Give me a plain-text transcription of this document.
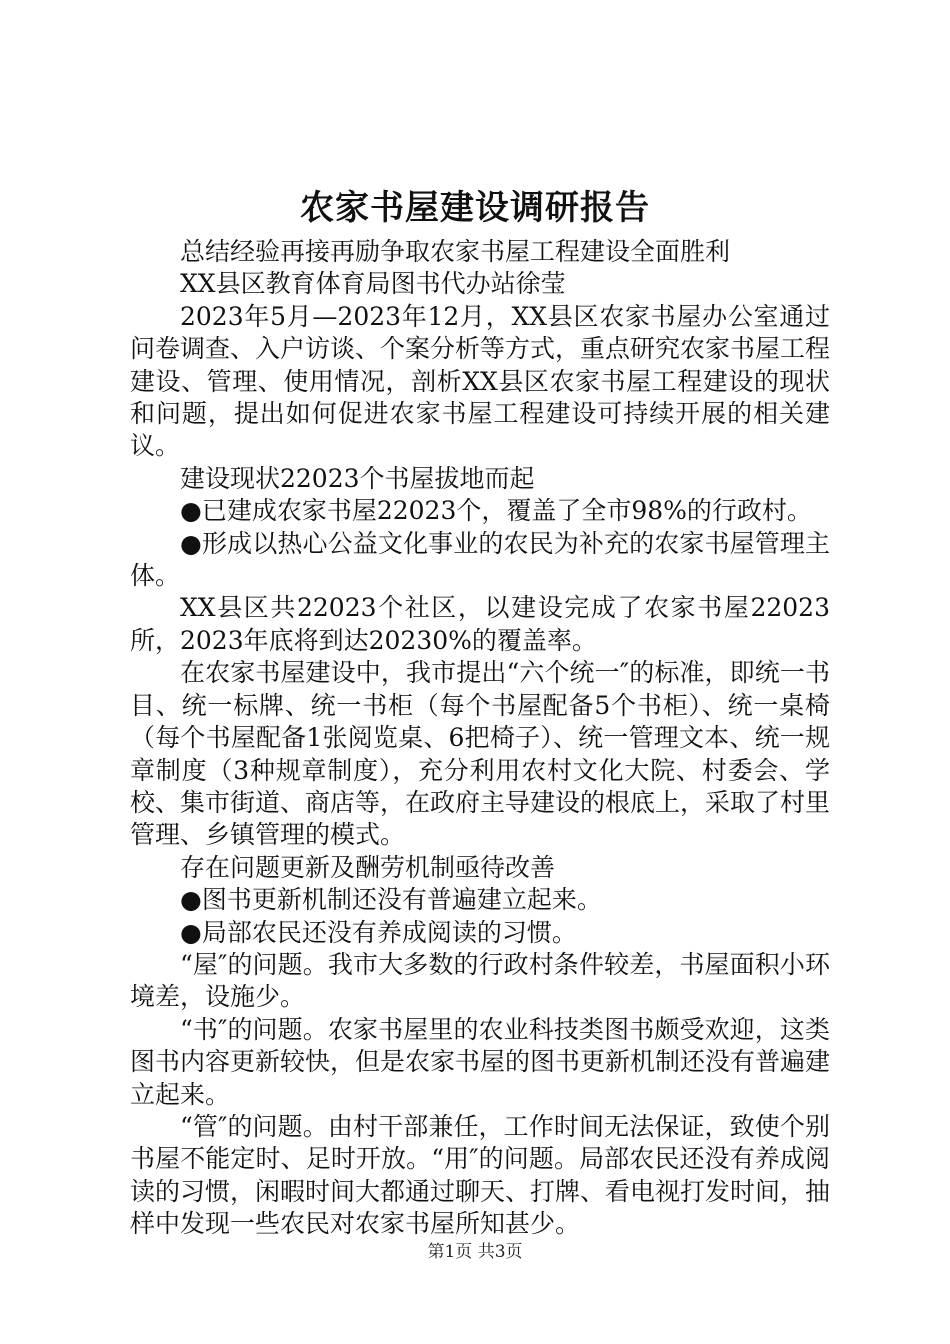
农家书屋建设调研报告

总结经验再接再励争取农家书屋工程建设全面胜利

XX县区教育体育局图书代办站徐莹

2023年5月—2023年12月，XX县区农家书屋办公室通过问卷调查、入户访谈、个案分析等方式，重点研究农家书屋工程建设、管理、使用情况，剖析XX县区农家书屋工程建设的现状和问题，提出如何促进农家书屋工程建设可持续开展的相关建议。

建设现状22023个书屋拔地而起

●已建成农家书屋22023个，覆盖了全市98%的行政村。

●形成以热心公益文化事业的农民为补充的农家书屋管理主体。

XX县区共22023个社区，以建设完成了农家书屋22023所，2023年底将到达20230%的覆盖率。

在农家书屋建设中，我市提出“六个统一″的标准，即统一书目、统一标牌、统一书柜（每个书屋配备5个书柜）、统一桌椅（每个书屋配备1张阅览桌、6把椅子）、统一管理文本、统一规章制度（3种规章制度），充分利用农村文化大院、村委会、学校、集市街道、商店等，在政府主导建设的根底上，采取了村里管理、乡镇管理的模式。

存在问题更新及酬劳机制亟待改善

●图书更新机制还没有普遍建立起来。

●局部农民还没有养成阅读的习惯。

“屋″的问题。我市大多数的行政村条件较差，书屋面积小环境差，设施少。

“书″的问题。农家书屋里的农业科技类图书颇受欢迎，这类图书内容更新较快，但是农家书屋的图书更新机制还没有普遍建立起来。

“管″的问题。由村干部兼任，工作时间无法保证，致使个别书屋不能定时、足时开放。“用″的问题。局部农民还没有养成阅读的习惯，闲暇时间大都通过聊天、打牌、看电视打发时间，抽样中发现一些农民对农家书屋所知甚少。

第1页 共3页
